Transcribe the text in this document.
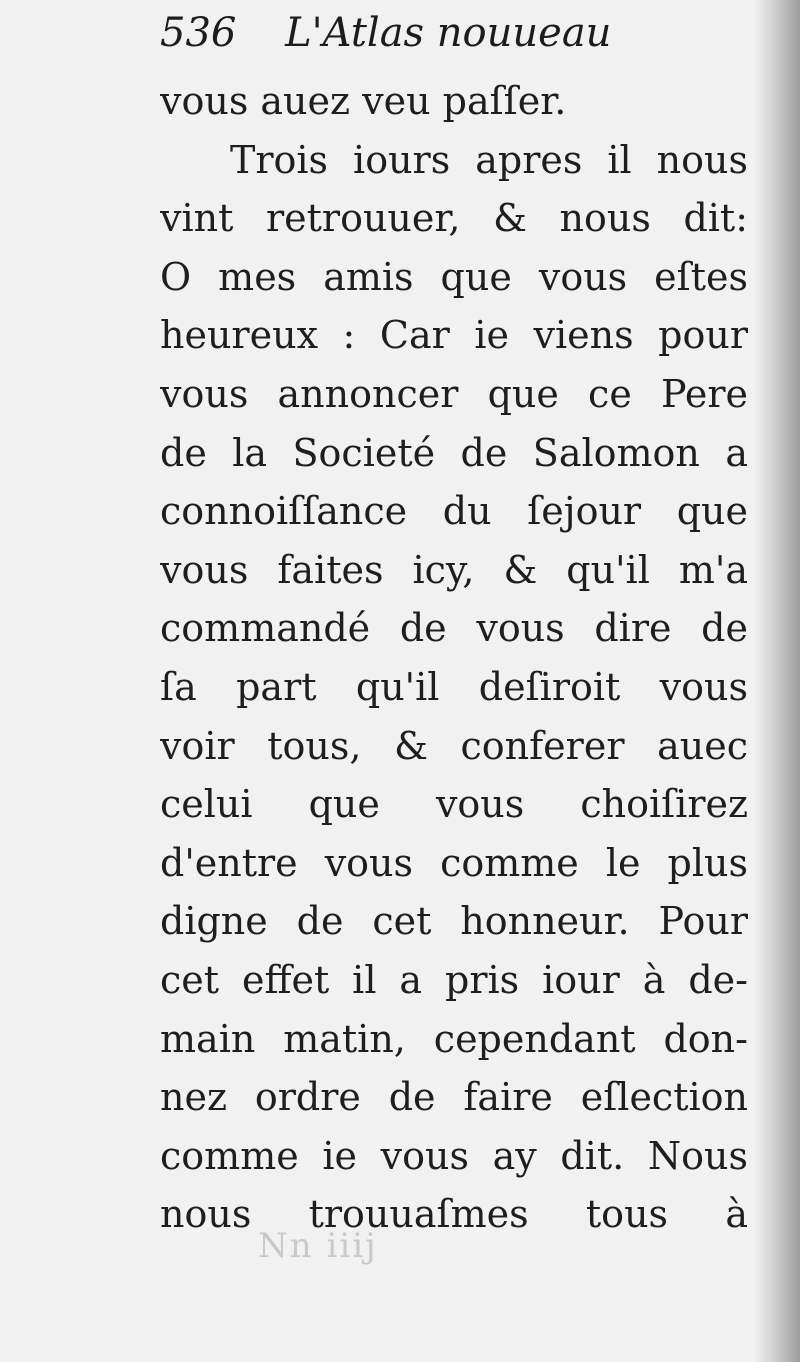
536 L'Atlas nouueau
vous auez veu paſſer.
Trois iours apres il nous
vint retrouuer, & nous dit:
O mes amis que vous eſtes
heureux : Car ie viens pour
vous annoncer que ce Pere
de la Societé de Salomon a
connoiſſance du ſejour que
vous faites icy, & qu'il m'a
commandé de vous dire de
ſa part qu'il deſiroit vous
voir tous, & conferer auec
celui que vous choiſirez
d'entre vous comme le plus
digne de cet honneur. Pour
cet effet il a pris iour à de-
main matin, cependant don-
nez ordre de faire eſlection
comme ie vous ay dit. Nous
nous trouuaſmes tous à
Nn iiij
